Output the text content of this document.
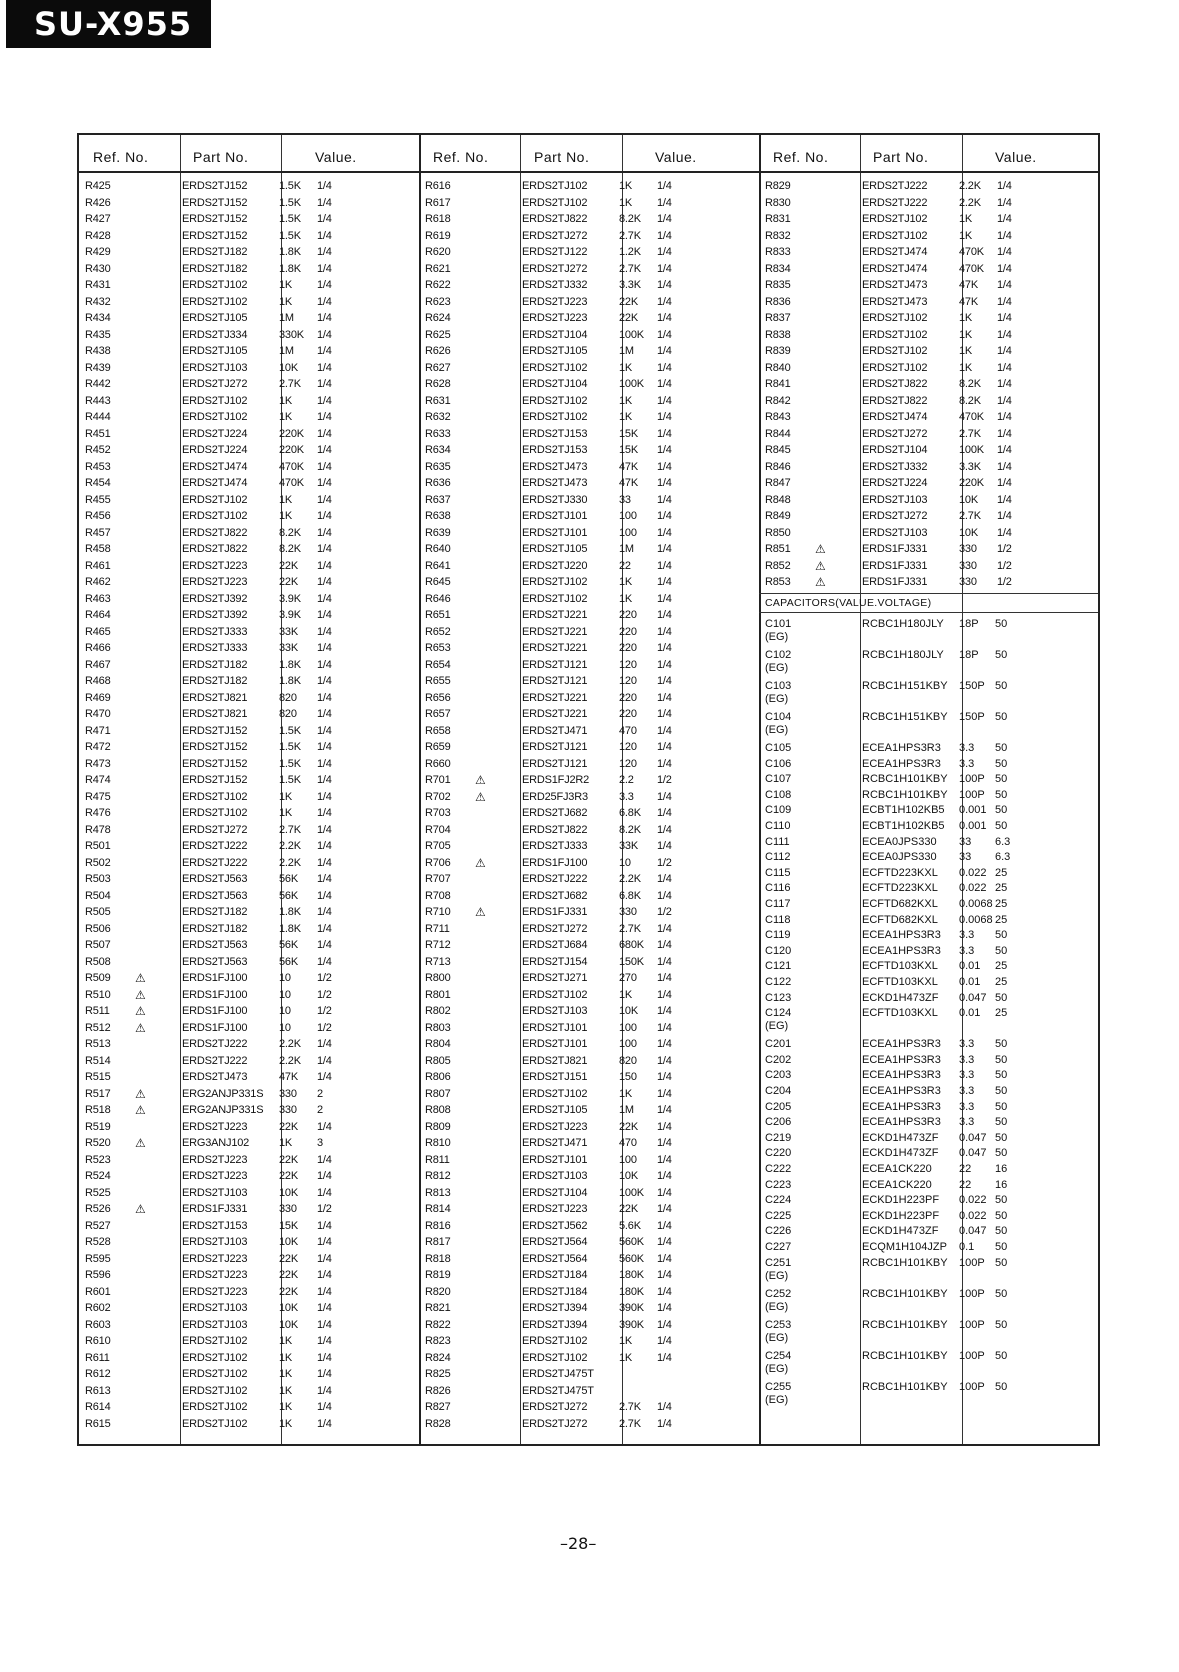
SU-X955
Ref. No.	Part No.	Value.	Ref. No.	Part No.	Value.	Ref. No.	Part No.	Value.
R425	ERDS2TJ152	1.5K 1/4
R426	ERDS2TJ152	1.5K 1/4
R427	ERDS2TJ152	1.5K 1/4
R428	ERDS2TJ152	1.5K 1/4
R429	ERDS2TJ182	1.8K 1/4
R430	ERDS2TJ182	1.8K 1/4
R431	ERDS2TJ102	1K 1/4
R432	ERDS2TJ102	1K 1/4
R434	ERDS2TJ105	1M 1/4
R435	ERDS2TJ334	330K 1/4
R438	ERDS2TJ105	1M 1/4
R439	ERDS2TJ103	10K 1/4
R442	ERDS2TJ272	2.7K 1/4
R443	ERDS2TJ102	1K 1/4
R444	ERDS2TJ102	1K 1/4
R451	ERDS2TJ224	220K 1/4
R452	ERDS2TJ224	220K 1/4
R453	ERDS2TJ474	470K 1/4
R454	ERDS2TJ474	470K 1/4
R455	ERDS2TJ102	1K 1/4
R456	ERDS2TJ102	1K 1/4
R457	ERDS2TJ822	8.2K 1/4
R458	ERDS2TJ822	8.2K 1/4
R461	ERDS2TJ223	22K 1/4
R462	ERDS2TJ223	22K 1/4
R463	ERDS2TJ392	3.9K 1/4
R464	ERDS2TJ392	3.9K 1/4
R465	ERDS2TJ333	33K 1/4
R466	ERDS2TJ333	33K 1/4
R467	ERDS2TJ182	1.8K 1/4
R468	ERDS2TJ182	1.8K 1/4
R469	ERDS2TJ821	820 1/4
R470	ERDS2TJ821	820 1/4
R471	ERDS2TJ152	1.5K 1/4
R472	ERDS2TJ152	1.5K 1/4
R473	ERDS2TJ152	1.5K 1/4
R474	ERDS2TJ152	1.5K 1/4
R475	ERDS2TJ102	1K 1/4
R476	ERDS2TJ102	1K 1/4
R478	ERDS2TJ272	2.7K 1/4
R501	ERDS2TJ222	2.2K 1/4
R502	ERDS2TJ222	2.2K 1/4
R503	ERDS2TJ563	56K 1/4
R504	ERDS2TJ563	56K 1/4
R505	ERDS2TJ182	1.8K 1/4
R506	ERDS2TJ182	1.8K 1/4
R507	ERDS2TJ563	56K 1/4
R508	ERDS2TJ563	56K 1/4
R509 ⚠	ERDS1FJ100	10 1/2
R510 ⚠	ERDS1FJ100	10 1/2
R511 ⚠	ERDS1FJ100	10 1/2
R512 ⚠	ERDS1FJ100	10 1/2
R513	ERDS2TJ222	2.2K 1/4
R514	ERDS2TJ222	2.2K 1/4
R515	ERDS2TJ473	47K 1/4
R517 ⚠	ERG2ANJP331S 330 2
R518 ⚠	ERG2ANJP331S 330 2
R519	ERDS2TJ223	22K 1/4
R520 ⚠	ERG3ANJ102	1K 3
R523	ERDS2TJ223	22K 1/4
R524	ERDS2TJ223	22K 1/4
R525	ERDS2TJ103	10K 1/4
R526 ⚠	ERDS1FJ331	330 1/2
R527	ERDS2TJ153	15K 1/4
R528	ERDS2TJ103	10K 1/4
R595	ERDS2TJ223	22K 1/4
R596	ERDS2TJ223	22K 1/4
R601	ERDS2TJ223	22K 1/4
R602	ERDS2TJ103	10K 1/4
R603	ERDS2TJ103	10K 1/4
R610	ERDS2TJ102	1K 1/4
R611	ERDS2TJ102	1K 1/4
R612	ERDS2TJ102	1K 1/4
R613	ERDS2TJ102	1K 1/4
R614	ERDS2TJ102	1K 1/4
R615	ERDS2TJ102	1K 1/4
R616	ERDS2TJ102	1K 1/4
R617	ERDS2TJ102	1K 1/4
R618	ERDS2TJ822	8.2K 1/4
R619	ERDS2TJ272	2.7K 1/4
R620	ERDS2TJ122	1.2K 1/4
R621	ERDS2TJ272	2.7K 1/4
R622	ERDS2TJ332	3.3K 1/4
R623	ERDS2TJ223	22K 1/4
R624	ERDS2TJ223	22K 1/4
R625	ERDS2TJ104	100K 1/4
R626	ERDS2TJ105	1M 1/4
R627	ERDS2TJ102	1K 1/4
R628	ERDS2TJ104	100K 1/4
R631	ERDS2TJ102	1K 1/4
R632	ERDS2TJ102	1K 1/4
R633	ERDS2TJ153	15K 1/4
R634	ERDS2TJ153	15K 1/4
R635	ERDS2TJ473	47K 1/4
R636	ERDS2TJ473	47K 1/4
R637	ERDS2TJ330	33 1/4
R638	ERDS2TJ101	100 1/4
R639	ERDS2TJ101	100 1/4
R640	ERDS2TJ105	1M 1/4
R641	ERDS2TJ220	22 1/4
R645	ERDS2TJ102	1K 1/4
R646	ERDS2TJ102	1K 1/4
R651	ERDS2TJ221	220 1/4
R652	ERDS2TJ221	220 1/4
R653	ERDS2TJ221	220 1/4
R654	ERDS2TJ121	120 1/4
R655	ERDS2TJ121	120 1/4
R656	ERDS2TJ221	220 1/4
R657	ERDS2TJ221	220 1/4
R658	ERDS2TJ471	470 1/4
R659	ERDS2TJ121	120 1/4
R660	ERDS2TJ121	120 1/4
R701 ⚠	ERDS1FJ2R2	2.2 1/2
R702 ⚠	ERD25FJ3R3	3.3 1/4
R703	ERDS2TJ682	6.8K 1/4
R704	ERDS2TJ822	8.2K 1/4
R705	ERDS2TJ333	33K 1/4
R706 ⚠	ERDS1FJ100	10 1/2
R707	ERDS2TJ222	2.2K 1/4
R708	ERDS2TJ682	6.8K 1/4
R710 ⚠	ERDS1FJ331	330 1/2
R711	ERDS2TJ272	2.7K 1/4
R712	ERDS2TJ684	680K 1/4
R713	ERDS2TJ154	150K 1/4
R800	ERDS2TJ271	270 1/4
R801	ERDS2TJ102	1K 1/4
R802	ERDS2TJ103	10K 1/4
R803	ERDS2TJ101	100 1/4
R804	ERDS2TJ101	100 1/4
R805	ERDS2TJ821	820 1/4
R806	ERDS2TJ151	150 1/4
R807	ERDS2TJ102	1K 1/4
R808	ERDS2TJ105	1M 1/4
R809	ERDS2TJ223	22K 1/4
R810	ERDS2TJ471	470 1/4
R811	ERDS2TJ101	100 1/4
R812	ERDS2TJ103	10K 1/4
R813	ERDS2TJ104	100K 1/4
R814	ERDS2TJ223	22K 1/4
R816	ERDS2TJ562	5.6K 1/4
R817	ERDS2TJ564	560K 1/4
R818	ERDS2TJ564	560K 1/4
R819	ERDS2TJ184	180K 1/4
R820	ERDS2TJ184	180K 1/4
R821	ERDS2TJ394	390K 1/4
R822	ERDS2TJ394	390K 1/4
R823	ERDS2TJ102	1K 1/4
R824	ERDS2TJ102	1K 1/4
R825	ERDS2TJ475T
R826	ERDS2TJ475T
R827	ERDS2TJ272	2.7K 1/4
R828	ERDS2TJ272	2.7K 1/4
R829	ERDS2TJ222	2.2K 1/4
R830	ERDS2TJ222	2.2K 1/4
R831	ERDS2TJ102	1K 1/4
R832	ERDS2TJ102	1K 1/4
R833	ERDS2TJ474	470K 1/4
R834	ERDS2TJ474	470K 1/4
R835	ERDS2TJ473	47K 1/4
R836	ERDS2TJ473	47K 1/4
R837	ERDS2TJ102	1K 1/4
R838	ERDS2TJ102	1K 1/4
R839	ERDS2TJ102	1K 1/4
R840	ERDS2TJ102	1K 1/4
R841	ERDS2TJ822	8.2K 1/4
R842	ERDS2TJ822	8.2K 1/4
R843	ERDS2TJ474	470K 1/4
R844	ERDS2TJ272	2.7K 1/4
R845	ERDS2TJ104	100K 1/4
R846	ERDS2TJ332	3.3K 1/4
R847	ERDS2TJ224	220K 1/4
R848	ERDS2TJ103	10K 1/4
R849	ERDS2TJ272	2.7K 1/4
R850	ERDS2TJ103	10K 1/4
R851 ⚠	ERDS1FJ331	330 1/2
R852 ⚠	ERDS1FJ331	330 1/2
R853 ⚠	ERDS1FJ331	330 1/2
CAPACITORS(VALUE.VOLTAGE)
C101	RCBC1H180JLY 18P 50
(EG)
C102	RCBC1H180JLY 18P 50
(EG)
C103	RCBC1H151KBY 150P 50
(EG)
C104	RCBC1H151KBY 150P 50
(EG)
C105	ECEA1HPS3R3 3.3 50
C106	ECEA1HPS3R3 3.3 50
C107	RCBC1H101KBY 100P 50
C108	RCBC1H101KBY 100P 50
C109	ECBT1H102KB5 0.001 50
C110	ECBT1H102KB5 0.001 50
C111	ECEA0JPS330 33 6.3
C112	ECEA0JPS330 33 6.3
C115	ECFTD223KXL 0.022 25
C116	ECFTD223KXL 0.022 25
C117	ECFTD682KXL 0.0068 25
C118	ECFTD682KXL 0.0068 25
C119	ECEA1HPS3R3 3.3 50
C120	ECEA1HPS3R3 3.3 50
C121	ECFTD103KXL 0.01 25
C122	ECFTD103KXL 0.01 25
C123	ECKD1H473ZF 0.047 50
C124	ECFTD103KXL 0.01 25
(EG)
C201	ECEA1HPS3R3 3.3 50
C202	ECEA1HPS3R3 3.3 50
C203	ECEA1HPS3R3 3.3 50
C204	ECEA1HPS3R3 3.3 50
C205	ECEA1HPS3R3 3.3 50
C206	ECEA1HPS3R3 3.3 50
C219	ECKD1H473ZF 0.047 50
C220	ECKD1H473ZF 0.047 50
C222	ECEA1CK220 22 16
C223	ECEA1CK220 22 16
C224	ECKD1H223PF 0.022 50
C225	ECKD1H223PF 0.022 50
C226	ECKD1H473ZF 0.047 50
C227	ECQM1H104JZP 0.1 50
C251	RCBC1H101KBY 100P 50
(EG)
C252	RCBC1H101KBY 100P 50
(EG)
C253	RCBC1H101KBY 100P 50
(EG)
C254	RCBC1H101KBY 100P 50
(EG)
C255	RCBC1H101KBY 100P 50
(EG)
–28–
